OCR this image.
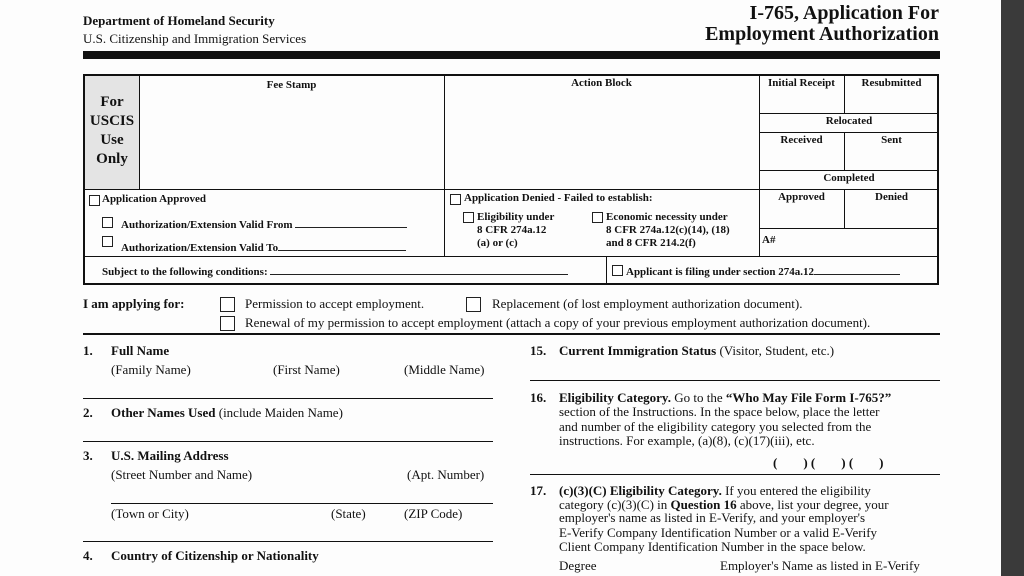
Department of Homeland Security
U.S. Citizenship and Immigration Services
I-765, Application For
Employment Authorization
For
USCIS
Use
Only
Fee Stamp	Action Block	Initial Receipt	Resubmitted
Relocated
Received	Sent
Completed
Approved	Denied
A#
Application Approved
Authorization/Extension Valid From
Authorization/Extension Valid To
Application Denied - Failed to establish:
Eligibility under
8 CFR 274a.12
(a) or (c)
Economic necessity under
8 CFR 274a.12(c)(14), (18)
and 8 CFR 214.2(f)
Subject to the following conditions:	Applicant is filing under section 274a.12
I am applying for:	Permission to accept employment.	Replacement (of lost employment authorization document).
Renewal of my permission to accept employment (attach a copy of your previous employment authorization document).
1. Full Name
(Family Name)	(First Name)	(Middle Name)
2. Other Names Used (include Maiden Name)
3. U.S. Mailing Address
(Street Number and Name)	(Apt. Number)
(Town or City)	(State)	(ZIP Code)
4. Country of Citizenship or Nationality
15. Current Immigration Status (Visitor, Student, etc.)
16. Eligibility Category. Go to the “Who May File Form I-765?”
section of the Instructions. In the space below, place the letter
and number of the eligibility category you selected from the
instructions. For example, (a)(8), (c)(17)(iii), etc.
(        ) (        ) (        )
17. (c)(3)(C) Eligibility Category. If you entered the eligibility
category (c)(3)(C) in Question 16 above, list your degree, your
employer's name as listed in E-Verify, and your employer's
E-Verify Company Identification Number or a valid E-Verify
Client Company Identification Number in the space below.
Degree	Employer's Name as listed in E-Verify
